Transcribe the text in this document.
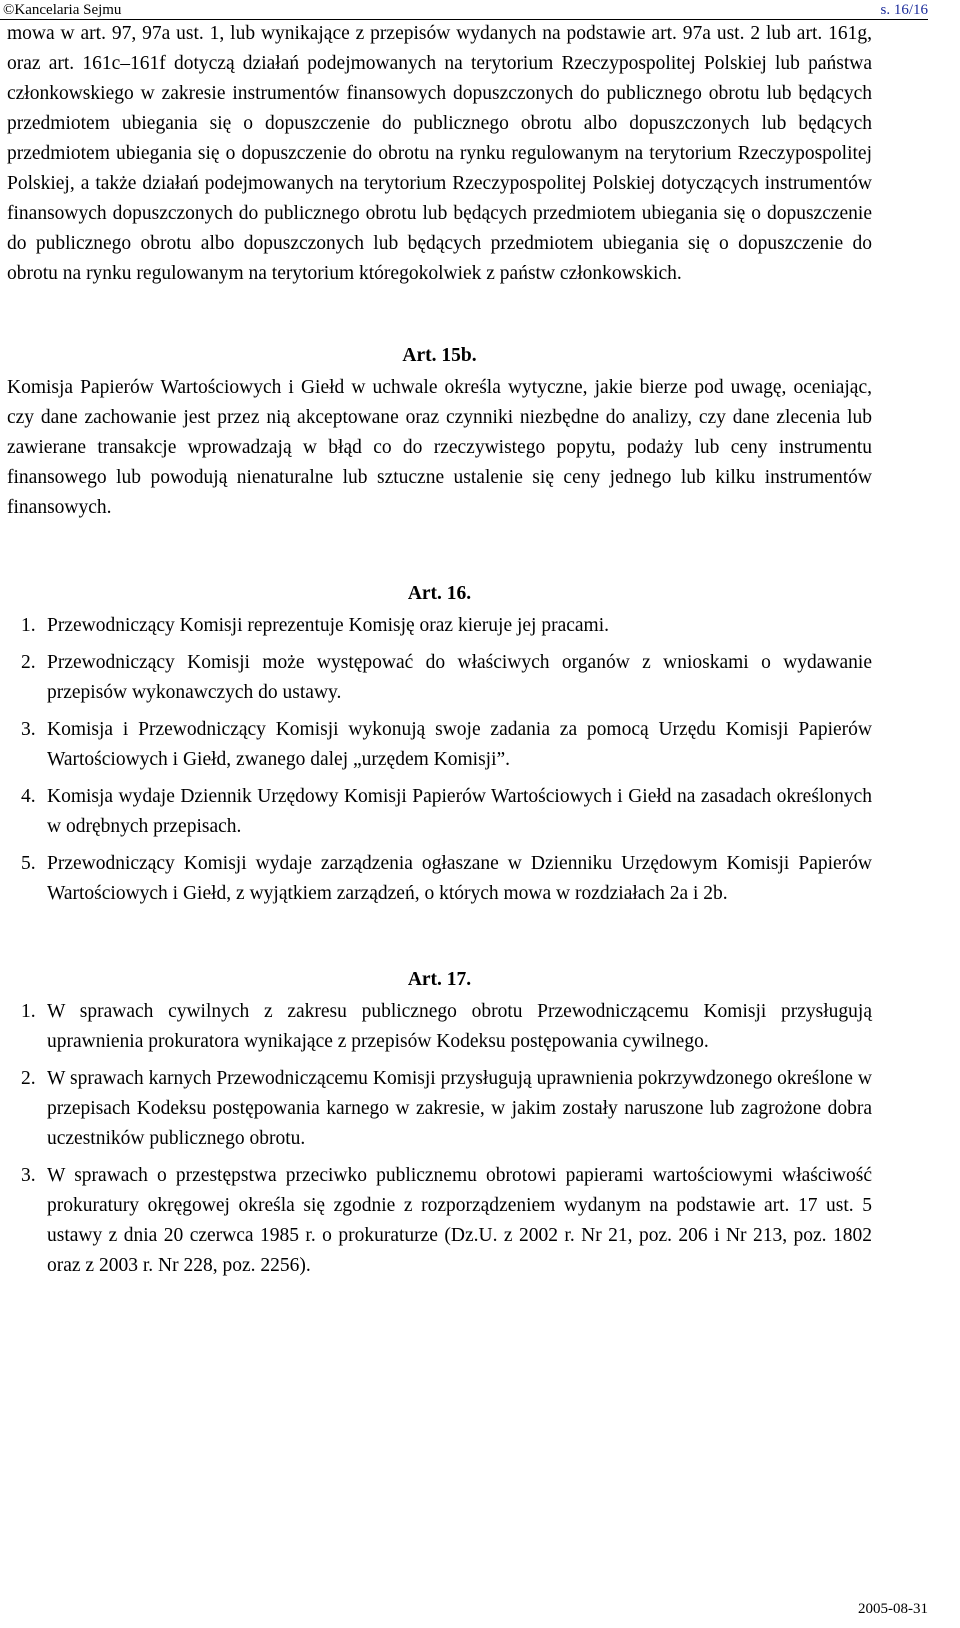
©Kancelaria Sejmu	s. 16/16

mowa w art. 97, 97a ust. 1, lub wynikające z przepisów wydanych na podstawie art. 97a ust. 2 lub art. 161g, oraz art. 161c–161f dotyczą działań podejmowanych na terytorium Rzeczypospolitej Polskiej lub państwa członkowskiego w zakresie instrumentów finansowych dopuszczonych do publicznego obrotu lub będących przedmiotem ubiegania się o dopuszczenie do publicznego obrotu albo dopuszczonych lub będących przedmiotem ubiegania się o dopuszczenie do obrotu na rynku regulowanym na terytorium Rzeczypospolitej Polskiej, a także działań podejmowanych na terytorium Rzeczypospolitej Polskiej dotyczących instrumentów finansowych dopuszczonych do publicznego obrotu lub będących przedmiotem ubiegania się o dopuszczenie do publicznego obrotu albo dopuszczonych lub będących przedmiotem ubiegania się o dopuszczenie do obrotu na rynku regulowanym na terytorium któregokolwiek z państw członkowskich.

Art. 15b.

Komisja Papierów Wartościowych i Giełd w uchwale określa wytyczne, jakie bierze pod uwagę, oceniając, czy dane zachowanie jest przez nią akceptowane oraz czynniki niezbędne do analizy, czy dane zlecenia lub zawierane transakcje wprowadzają w błąd co do rzeczywistego popytu, podaży lub ceny instrumentu finansowego lub powodują nienaturalne lub sztuczne ustalenie się ceny jednego lub kilku instrumentów finansowych.

Art. 16.
1. Przewodniczący Komisji reprezentuje Komisję oraz kieruje jej pracami.
2. Przewodniczący Komisji może występować do właściwych organów z wnioskami o wydawanie przepisów wykonawczych do ustawy.
3. Komisja i Przewodniczący Komisji wykonują swoje zadania za pomocą Urzędu Komisji Papierów Wartościowych i Giełd, zwanego dalej „urzędem Komisji”.
4. Komisja wydaje Dziennik Urzędowy Komisji Papierów Wartościowych i Giełd na zasadach określonych w odrębnych przepisach.
5. Przewodniczący Komisji wydaje zarządzenia ogłaszane w Dzienniku Urzędowym Komisji Papierów Wartościowych i Giełd, z wyjątkiem zarządzeń, o których mowa w rozdziałach 2a i 2b.
Art. 17.
1. W sprawach cywilnych z zakresu publicznego obrotu Przewodniczącemu Komisji przysługują uprawnienia prokuratora wynikające z przepisów Kodeksu postępowania cywilnego.
2. W sprawach karnych Przewodniczącemu Komisji przysługują uprawnienia pokrzywdzonego określone w przepisach Kodeksu postępowania karnego w zakresie, w jakim zostały naruszone lub zagrożone dobra uczestników publicznego obrotu.
3. W sprawach o przestępstwa przeciwko publicznemu obrotowi papierami wartościowymi właściwość prokuratury okręgowej określa się zgodnie z rozporządzeniem wydanym na podstawie art. 17 ust. 5 ustawy z dnia 20 czerwca 1985 r. o prokuraturze (Dz.U. z 2002 r. Nr 21, poz. 206 i Nr 213, poz. 1802 oraz z 2003 r. Nr 228, poz. 2256).
2005-08-31
